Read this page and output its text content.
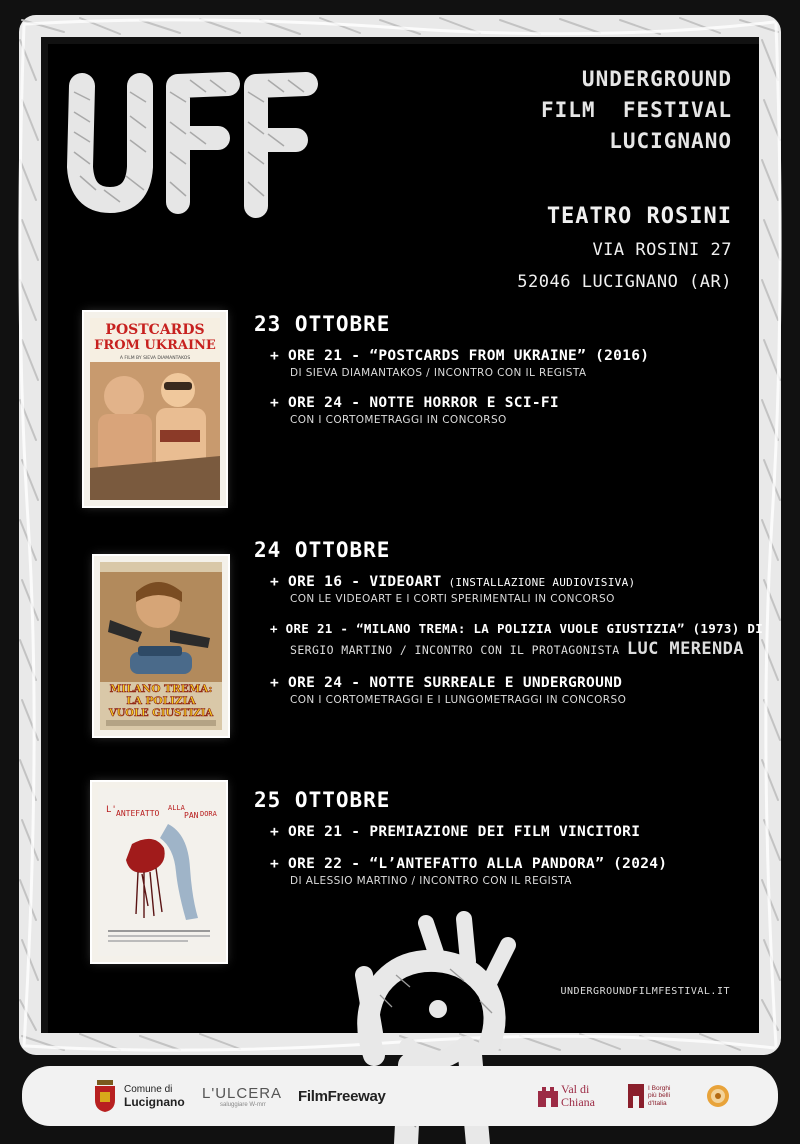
UNDERGROUND
FILM  FESTIVAL
LUCIGNANO
TEATRO ROSINI
VIA ROSINI 27
52046 LUCIGNANO (AR)
POSTCARDS
FROM UKRAINE
A FILM BY SIEVA DIAMANTAKOS
MILANO TREMA:
LA POLIZIA
VUOLE GIUSTIZIA
L' ANTEFATTO
ALLA
PAN DORA
23 OTTOBRE
+ ORE 21 - “POSTCARDS FROM UKRAINE” (2016)
DI SIEVA DIAMANTAKOS / INCONTRO CON IL REGISTA
+ ORE 24 - NOTTE HORROR E SCI-FI
CON I CORTOMETRAGGI IN CONCORSO
24 OTTOBRE
+ ORE 16 - VIDEOART (INSTALLAZIONE AUDIOVISIVA)
CON LE VIDEOART E I CORTI SPERIMENTALI IN CONCORSO
+ ORE 21 - “MILANO TREMA: LA POLIZIA VUOLE GIUSTIZIA” (1973) DI
SERGIO MARTINO / INCONTRO CON IL PROTAGONISTA LUC MERENDA
+ ORE 24 - NOTTE SURREALE E UNDERGROUND
CON I CORTOMETRAGGI E I LUNGOMETRAGGI IN CONCORSO
25 OTTOBRE
+ ORE 21 - PREMIAZIONE DEI FILM VINCITORI
+ ORE 22 - “L’ANTEFATTO ALLA PANDORA” (2024)
DI ALESSIO MARTINO / INCONTRO CON IL REGISTA
UNDERGROUNDFILMFESTIVAL.IT
Comune di
Lucignano
L'ULCERA
saluggiare W-mrr FilmFreeway	Val di
Chiana
I Borghi
più belli
d'Italia
